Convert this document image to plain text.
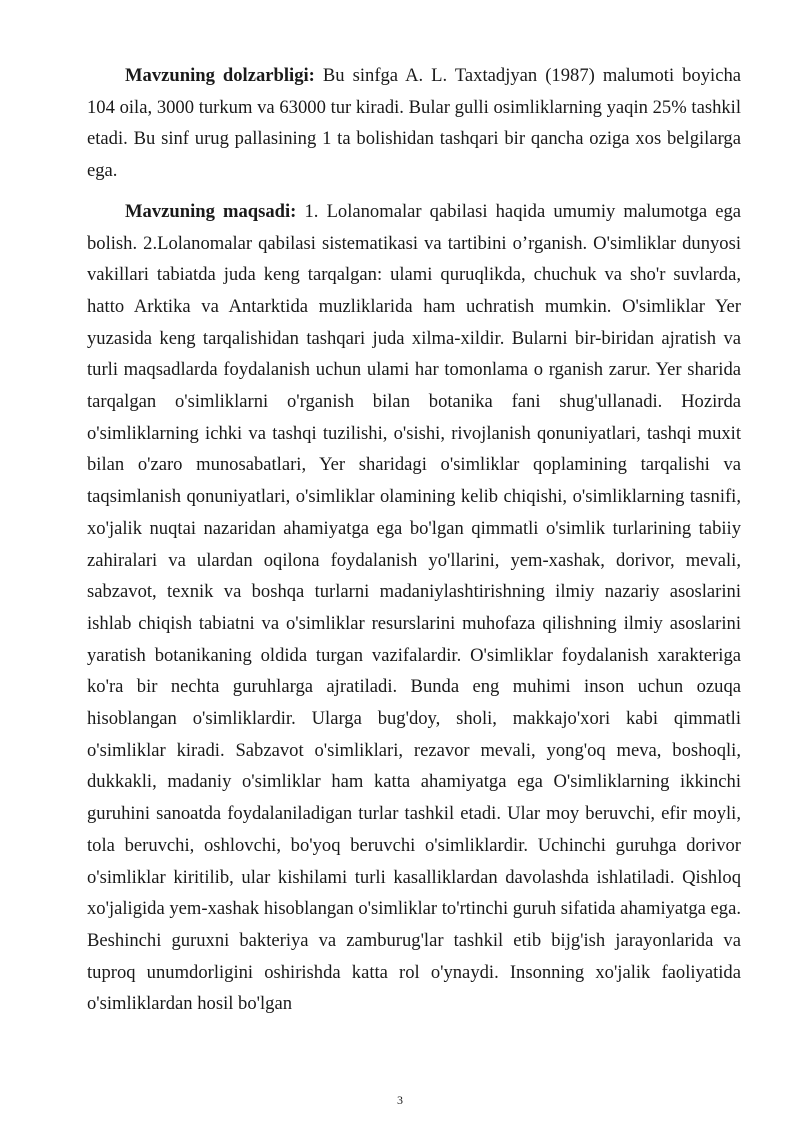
Mavzuning dolzarbligi: Bu sinfga A. L. Taxtadjyan (1987) malumoti boyicha 104 oila, 3000 turkum va 63000 tur kiradi. Bular gulli osimliklarning yaqin 25% tashkil etadi. Bu sinf urug pallasining 1 ta bolishidan tashqari bir qancha oziga xos belgilarga ega.

Mavzuning maqsadi: 1. Lolanomalar qabilasi haqida umumiy malumotga ega bolish. 2.Lolanomalar qabilasi sistematikasi va tartibini o’rganish. O'simliklar dunyosi vakillari tabiatda juda keng tarqalgan: ulami quruqlikda, chuchuk va sho'r suvlarda, hatto Arktika va Antarktida muzliklarida ham uchratish mumkin. O'simliklar Yer yuzasida keng tarqalishidan tashqari juda xilma-xildir. Bularni bir-biridan ajratish va turli maqsadlarda foydalanish uchun ulami har tomonlama o rganish zarur. Yer sharida tarqalgan o'simliklarni o'rganish bilan botanika fani shug'ullanadi. Hozirda o'simliklarning ichki va tashqi tuzilishi, o'sishi, rivojlanish qonuniyatlari, tashqi muxit bilan o'zaro munosabatlari, Yer sharidagi o'simliklar qoplamining tarqalishi va taqsimlanish qonuniyatlari, o'simliklar olamining kelib chiqishi, o'simliklarning tasnifi, xo'jalik nuqtai nazaridan ahamiyatga ega bo'lgan qimmatli o'simlik turlarining tabiiy zahiralari va ulardan oqilona foydalanish yo'llarini, yem-xashak, dorivor, mevali, sabzavot, texnik va boshqa turlarni madaniylashtirishning ilmiy nazariy asoslarini ishlab chiqish tabiatni va o'simliklar resurslarini muhofaza qilishning ilmiy asoslarini yaratish botanikaning oldida turgan vazifalardir. O'simliklar foydalanish xarakteriga ko'ra bir nechta guruhlarga ajratiladi. Bunda eng muhimi inson uchun ozuqa hisoblangan o'simliklardir. Ularga bug'doy, sholi, makkajo'xori kabi qimmatli o'simliklar kiradi. Sabzavot o'simliklari, rezavor mevali, yong'oq meva, boshoqli, dukkakli, madaniy o'simliklar ham katta ahamiyatga ega O'simliklarning ikkinchi guruhini sanoatda foydalaniladigan turlar tashkil etadi. Ular moy beruvchi, efir moyli, tola beruvchi, oshlovchi, bo'yoq beruvchi o'simliklardir. Uchinchi guruhga dorivor o'simliklar kiritilib, ular kishilami turli kasalliklardan davolashda ishlatiladi. Qishloq xo'jaligida yem-xashak hisoblangan o'simliklar to'rtinchi guruh sifatida ahamiyatga ega. Beshinchi guruxni bakteriya va zamburug'lar tashkil etib bijg'ish jarayonlarida va tuproq unumdorligini oshirishda katta rol o'ynaydi. Insonning xo'jalik faoliyatida o'simliklardan hosil bo'lgan

3
